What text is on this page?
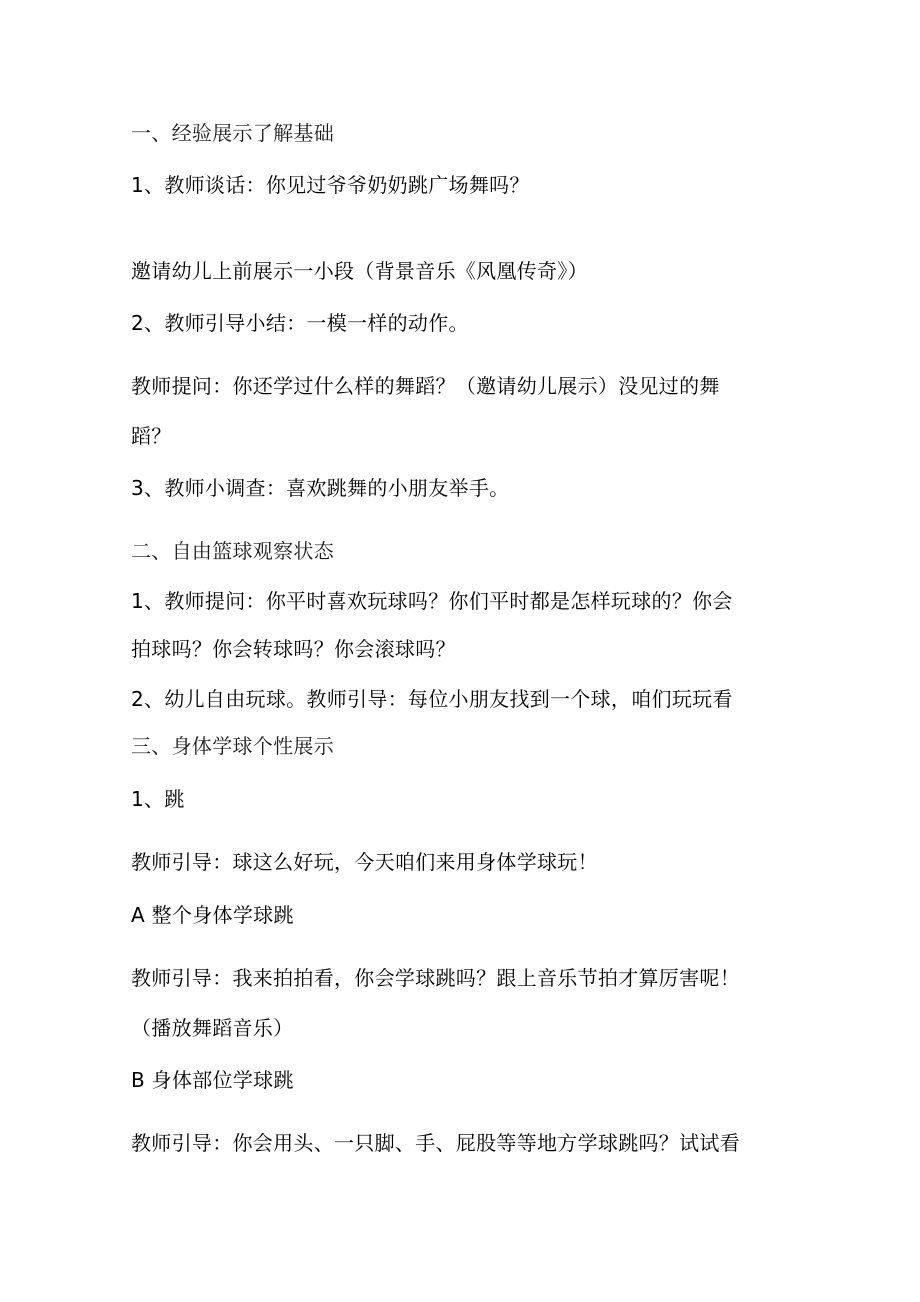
一、经验展示了解基础
1、教师谈话：你见过爷爷奶奶跳广场舞吗？
邀请幼儿上前展示一小段（背景音乐《风凰传奇》）
2、教师引导小结：一模一样的动作。
教师提问：你还学过什么样的舞蹈？（邀请幼儿展示）没见过的舞
蹈？
3、教师小调查：喜欢跳舞的小朋友举手。
二、自由篮球观察状态
1、教师提问：你平时喜欢玩球吗？你们平时都是怎样玩球的？你会
拍球吗？你会转球吗？你会滚球吗？
2、幼儿自由玩球。教师引导：每位小朋友找到一个球，咱们玩玩看
三、身体学球个性展示
1、跳
教师引导：球这么好玩，今天咱们来用身体学球玩！
A 整个身体学球跳
教师引导：我来拍拍看，你会学球跳吗？跟上音乐节拍才算厉害呢！
（播放舞蹈音乐）
B 身体部位学球跳
教师引导：你会用头、一只脚、手、屁股等等地方学球跳吗？试试看
